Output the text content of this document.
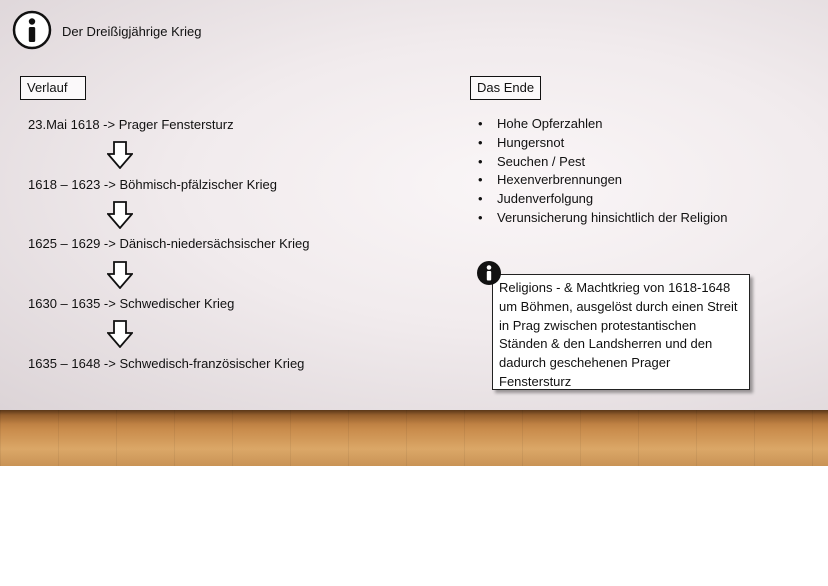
Der Dreißigjährige Krieg
Verlauf	Das Ende
23.Mai 1618 -> Prager Fenstersturz
1618 – 1623 -> Böhmisch-pfälzischer Krieg
1625 – 1629 -> Dänisch-niedersächsischer Krieg
1630 – 1635 -> Schwedischer Krieg
1635 – 1648 -> Schwedisch-französischer Krieg
• Hohe Opferzahlen
• Hungersnot
• Seuchen / Pest
• Hexenverbrennungen
• Judenverfolgung
• Verunsicherung hinsichtlich der Religion
Religions - & Machtkrieg von 1618-1648 um Böhmen, ausgelöst durch einen Streit in Prag zwischen protestantischen Ständen & den Landsherren und den dadurch geschehenen Prager Fenstersturz
